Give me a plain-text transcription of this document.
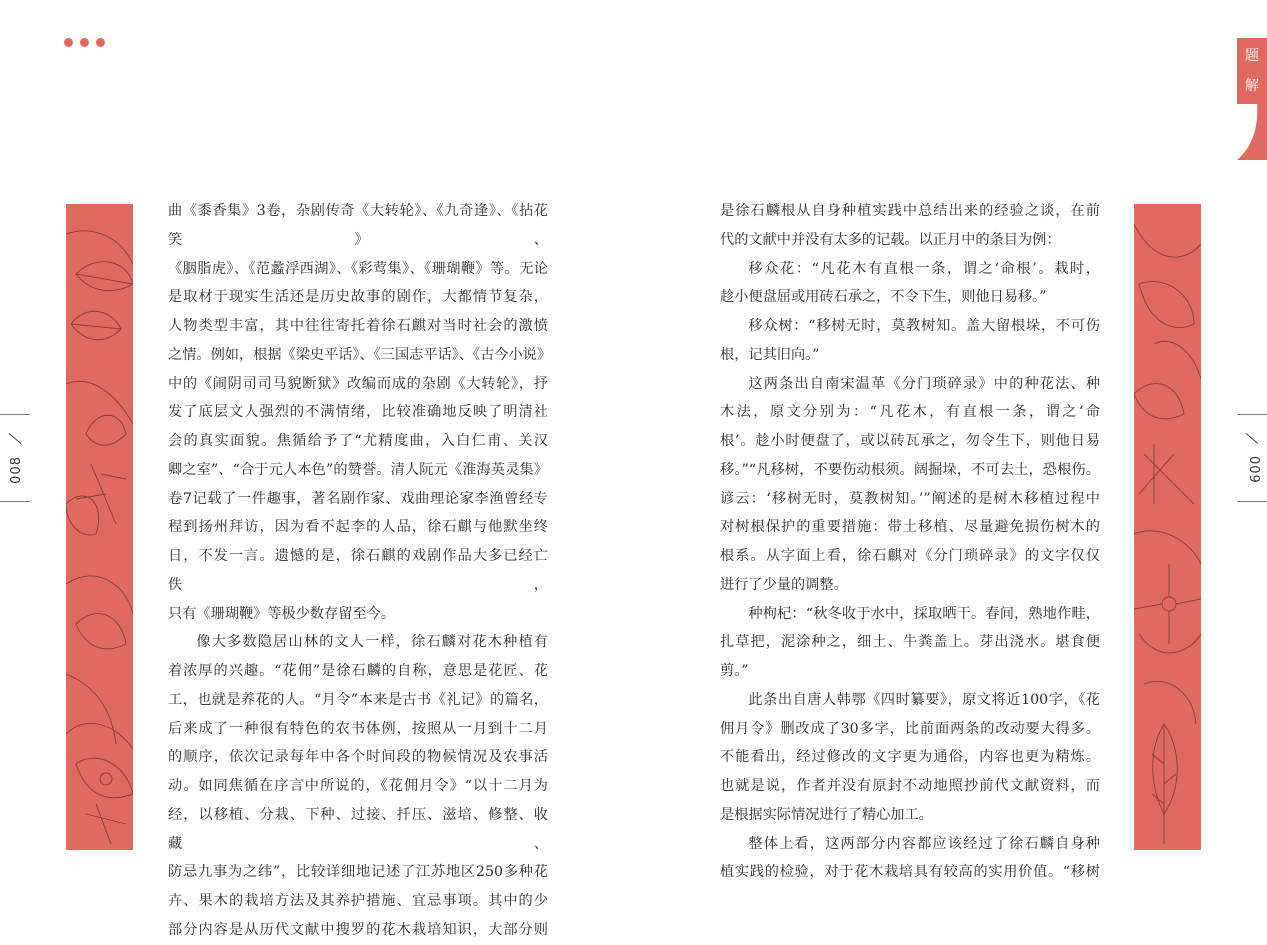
题
解
008	009

曲《黍香集》3卷，杂剧传奇《大转轮》、《九奇逢》、《拈花笑》、

《胭脂虎》、《范蠡浮西湖》、《彩莺集》、《珊瑚鞭》等。无论

是取材于现实生活还是历史故事的剧作，大都情节复杂，

人物类型丰富，其中往往寄托着徐石麒对当时社会的激愤

之情。例如，根据《梁史平话》、《三国志平话》、《古今小说》

中的《闹阴司司马貌断狱》改编而成的杂剧《大转轮》，抒

发了底层文人强烈的不满情绪，比较准确地反映了明清社

会的真实面貌。焦循给予了“尤精度曲，入白仁甫、关汉

卿之室”、“合于元人本色”的赞誉。清人阮元《淮海英灵集》

卷7记载了一件趣事，著名剧作家、戏曲理论家李渔曾经专

程到扬州拜访，因为看不起李的人品，徐石麒与他默坐终

日，不发一言。遗憾的是，徐石麒的戏剧作品大多已经亡佚，

只有《珊瑚鞭》等极少数存留至今。

像大多数隐居山林的文人一样，徐石麟对花木种植有

着浓厚的兴趣。“花佣”是徐石麟的自称，意思是花匠、花

工，也就是养花的人。“月令”本来是古书《礼记》的篇名，

后来成了一种很有特色的农书体例，按照从一月到十二月

的顺序，依次记录每年中各个时间段的物候情况及农事活

动。如同焦循在序言中所说的，《花佣月令》“以十二月为

经，以移植、分栽、下种、过接、扦压、滋培、修整、收藏、

防忌九事为之纬”，比较详细地记述了江苏地区250多种花

卉、果木的栽培方法及其养护措施、宜忌事项。其中的少

部分内容是从历代文献中搜罗的花木栽培知识，大部分则

是徐石麟根从自身种植实践中总结出来的经验之谈，在前

代的文献中并没有太多的记载。以正月中的条目为例：

移众花：“凡花木有直根一条，谓之‘命根’。栽时，

趁小便盘屈或用砖石承之，不令下生，则他日易移。”

移众树：“移树无时，莫教树知。盖大留根垛，不可伤

根，记其旧向。”

这两条出自南宋温革《分门琐碎录》中的种花法、种

木法，原文分别为：“凡花木，有直根一条，谓之‘命

根’。趁小时便盘了，或以砖瓦承之，勿令生下，则他日易

移。”“凡移树，不要伤动根须。阔掘垛，不可去土，恐根伤。

谚云：‘移树无时，莫教树知。’”阐述的是树木移植过程中

对树根保护的重要措施：带土移植、尽量避免损伤树木的

根系。从字面上看，徐石麒对《分门琐碎录》的文字仅仅

进行了少量的调整。

种枸杞：“秋冬收于水中，採取晒干。春间，熟地作畦，

扎草把，泥涂种之，细土、牛粪盖上。芽出浇水。堪食便剪。”

此条出自唐人韩鄂《四时纂要》，原文将近100字，《花

佣月令》删改成了30多字，比前面两条的改动要大得多。

不能看出，经过修改的文字更为通俗，内容也更为精炼。

也就是说，作者并没有原封不动地照抄前代文献资料，而

是根据实际情况进行了精心加工。

整体上看，这两部分内容都应该经过了徐石麟自身种

植实践的检验，对于花木栽培具有较高的实用价值。“移树
